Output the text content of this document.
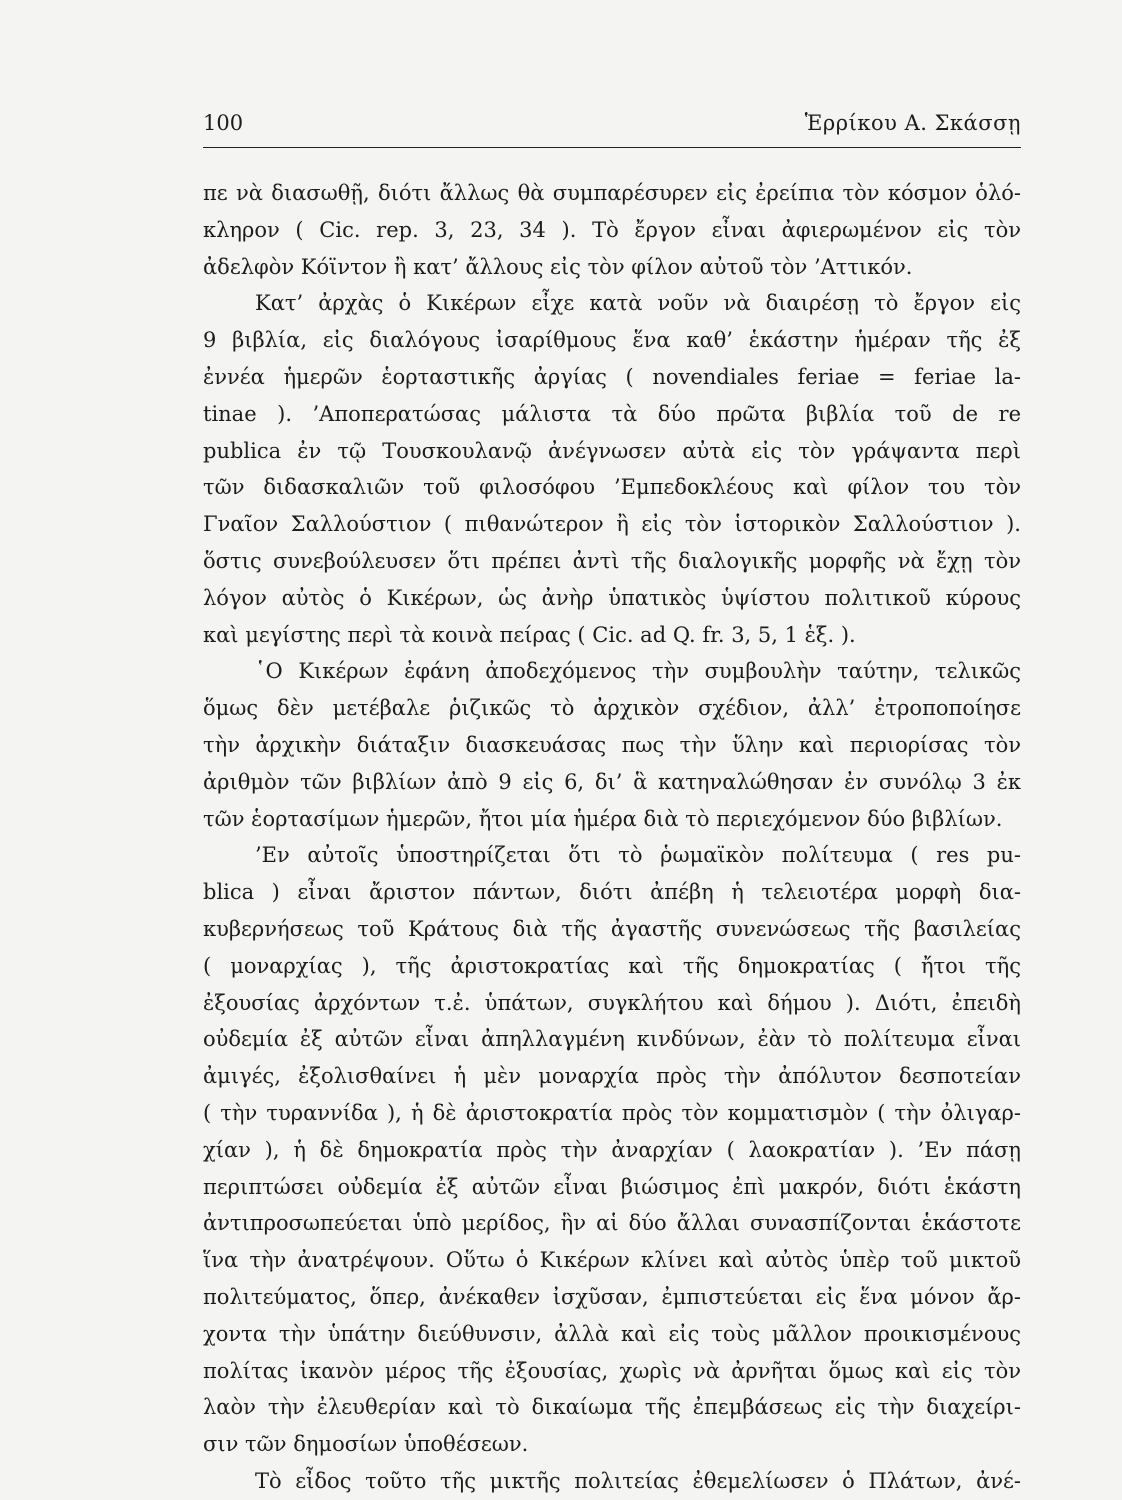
100	Ἑρρίκου Α. Σκάσσῃ
πε νὰ διασωθῇ, διότι ἄλλως θὰ συμπαρέσυρεν εἰς ἐρείπια τὸν κόσμον ὁλό-
κληρον ( Cic. rep. 3, 23, 34 ). Τὸ ἔργον εἶναι ἀφιερωμένον εἰς τὸν
ἀδελφὸν Κόϊντον ἢ κατ’ ἄλλους εἰς τὸν φίλον αὐτοῦ τὸν ’Αττικόν.
Κατ’ ἀρχὰς ὁ Κικέρων εἶχε κατὰ νοῦν νὰ διαιρέσῃ τὸ ἔργον εἰς
9 βιβλία, εἰς διαλόγους ἰσαρίθμους ἕνα καθ’ ἑκάστην ἡμέραν τῆς ἐξ
ἐννέα ἡμερῶν ἑορταστικῆς ἀργίας ( novendiales feriae = feriae la-
tinae ). ’Αποπερατώσας μάλιστα τὰ δύο πρῶτα βιβλία τοῦ de re
publica ἐν τῷ Τουσκουλανῷ ἀνέγνωσεν αὐτὰ εἰς τὸν γράψαντα περὶ
τῶν διδασκαλιῶν τοῦ φιλοσόφου ’Εμπεδοκλέους καὶ φίλον του τὸν
Γναῖον Σαλλούστιον ( πιθανώτερον ἢ εἰς τὸν ἱστορικὸν Σαλλούστιον ).
ὅστις συνεβούλευσεν ὅτι πρέπει ἀντὶ τῆς διαλογικῆς μορφῆς νὰ ἔχῃ τὸν
λόγον αὐτὸς ὁ Κικέρων, ὡς ἀνὴρ ὑπατικὸς ὑψίστου πολιτικοῦ κύρους
καὶ μεγίστης περὶ τὰ κοινὰ πείρας ( Cic. ad Q. fr. 3, 5, 1 ἑξ. ).
῾Ο Κικέρων ἐφάνη ἀποδεχόμενος τὴν συμβουλὴν ταύτην, τελικῶς
ὅμως δὲν μετέβαλε ῥιζικῶς τὸ ἀρχικὸν σχέδιον, ἀλλ’ ἐτροποποίησε
τὴν ἀρχικὴν διάταξιν διασκευάσας πως τὴν ὕλην καὶ περιορίσας τὸν
ἀριθμὸν τῶν βιβλίων ἀπὸ 9 εἰς 6, δι’ ἃ κατηναλώθησαν ἐν συνόλῳ 3 ἐκ
τῶν ἑορτασίμων ἡμερῶν, ἤτοι μία ἡμέρα διὰ τὸ περιεχόμενον δύο βιβλίων.
’Εν αὐτοῖς ὑποστηρίζεται ὅτι τὸ ῥωμαϊκὸν πολίτευμα ( res pu-
blica ) εἶναι ἄριστον πάντων, διότι ἀπέβη ἡ τελειοτέρα μορφὴ δια-
κυβερνήσεως τοῦ Κράτους διὰ τῆς ἀγαστῆς συνενώσεως τῆς βασιλείας
( μοναρχίας ), τῆς ἀριστοκρατίας καὶ τῆς δημοκρατίας ( ἤτοι τῆς
ἐξουσίας ἀρχόντων τ.ἐ. ὑπάτων, συγκλήτου καὶ δήμου ). Διότι, ἐπειδὴ
οὐδεμία ἐξ αὐτῶν εἶναι ἀπηλλαγμένη κινδύνων, ἐὰν τὸ πολίτευμα εἶναι
ἀμιγές, ἐξολισθαίνει ἡ μὲν μοναρχία πρὸς τὴν ἀπόλυτον δεσποτείαν
( τὴν τυραννίδα ), ἡ δὲ ἀριστοκρατία πρὸς τὸν κομματισμὸν ( τὴν ὀλιγαρ-
χίαν ), ἡ δὲ δημοκρατία πρὸς τὴν ἀναρχίαν ( λαοκρατίαν ). ’Εν πάσῃ
περιπτώσει οὐδεμία ἐξ αὐτῶν εἶναι βιώσιμος ἐπὶ μακρόν, διότι ἑκάστη
ἀντιπροσωπεύεται ὑπὸ μερίδος, ἣν αἱ δύο ἄλλαι συνασπίζονται ἑκάστοτε
ἵνα τὴν ἀνατρέψουν. Οὕτω ὁ Κικέρων κλίνει καὶ αὐτὸς ὑπὲρ τοῦ μικτοῦ
πολιτεύματος, ὅπερ, ἀνέκαθεν ἰσχῦσαν, ἐμπιστεύεται εἰς ἕνα μόνον ἄρ-
χοντα τὴν ὑπάτην διεύθυνσιν, ἀλλὰ καὶ εἰς τοὺς μᾶλλον προικισμένους
πολίτας ἱκανὸν μέρος τῆς ἐξουσίας, χωρὶς νὰ ἀρνῆται ὅμως καὶ εἰς τὸν
λαὸν τὴν ἐλευθερίαν καὶ τὸ δικαίωμα τῆς ἐπεμβάσεως εἰς τὴν διαχείρι-
σιν τῶν δημοσίων ὑποθέσεων.
Τὸ εἶδος τοῦτο τῆς μικτῆς πολιτείας ἐθεμελίωσεν ὁ Πλάτων, ἀνέ-
